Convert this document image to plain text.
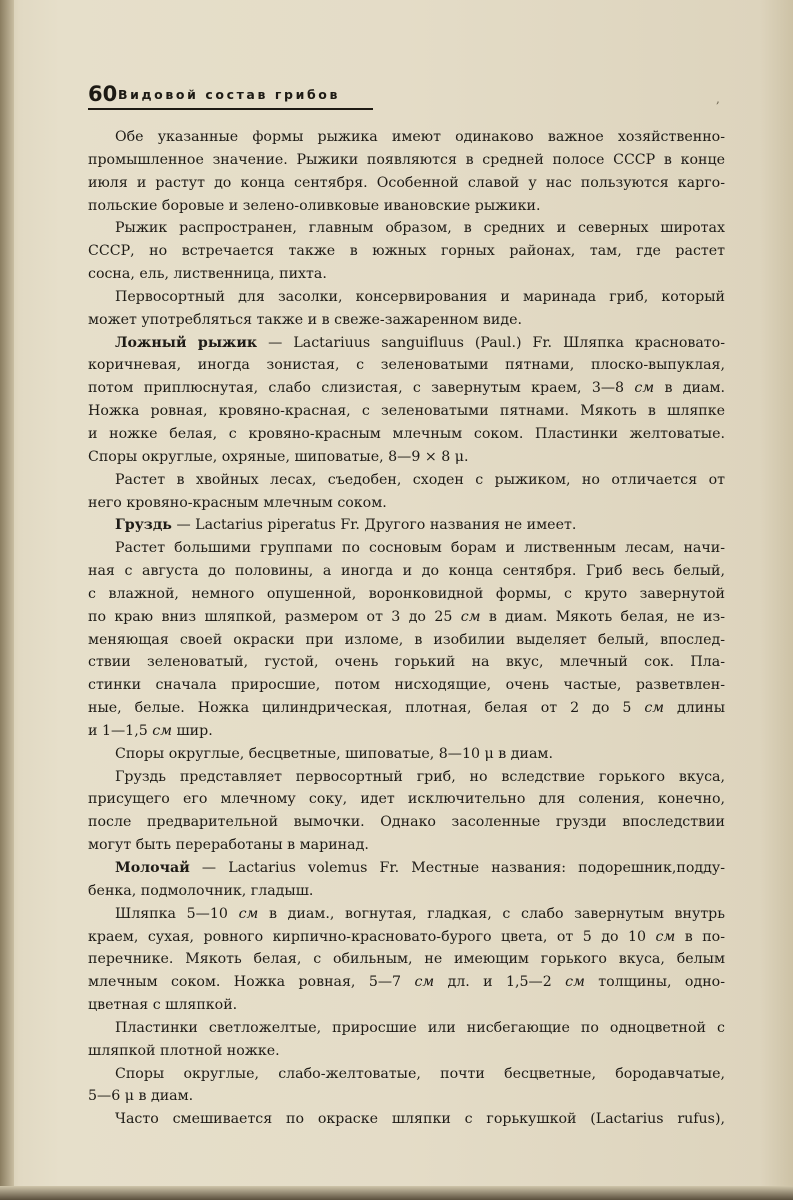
60 Видовой состав грибов	,
Обе указанные формы рыжика имеют одинаково важное хозяйственно-
промышленное значение. Рыжики появляются в средней полосе СССР в конце
июля и растут до конца сентября. Особенной славой у нас пользуются карго-
польские боровые и зелено-оливковые ивановские рыжики.
Рыжик распространен, главным образом, в средних и северных широтах
СССР, но встречается также в южных горных районах, там, где растет
сосна, ель, лиственница, пихта.
Первосортный для засолки, консервирования и маринада гриб, который
может употребляться также и в свеже-зажаренном виде.
Ложный рыжик — Lactariuus sanguifluus (Paul.) Fr. Шляпка красновато-
коричневая, иногда зонистая, с зеленоватыми пятнами, плоско-выпуклая,
потом приплюснутая, слабо слизистая, с завернутым краем, 3—8 см в диам.
Ножка ровная, кровяно-красная, с зеленоватыми пятнами. Мякоть в шляпке
и ножке белая, с кровяно-красным млечным соком. Пластинки желтоватые.
Споры округлые, охряные, шиповатые, 8—9 × 8 μ.
Растет в хвойных лесах, съедобен, сходен с рыжиком, но отличается от
него кровяно-красным млечным соком.
Груздь — Lactarius piperatus Fr. Другого названия не имеет.
Растет большими группами по сосновым борам и лиственным лесам, начи-
ная с августа до половины, а иногда и до конца сентября. Гриб весь белый,
с влажной, немного опушенной, воронковидной формы, с круто завернутой
по краю вниз шляпкой, размером от 3 до 25 см в диам. Мякоть белая, не из-
меняющая своей окраски при изломе, в изобилии выделяет белый, впослед-
ствии зеленоватый, густой, очень горький на вкус, млечный сок. Пла-
стинки сначала приросшие, потом нисходящие, очень частые, разветвлен-
ные, белые. Ножка цилиндрическая, плотная, белая от 2 до 5 см длины
и 1—1,5 см шир.
Споры округлые, бесцветные, шиповатые, 8—10 μ в диам.
Груздь представляет первосортный гриб, но вследствие горького вкуса,
присущего его млечному соку, идет исключительно для соления, конечно,
после предварительной вымочки. Однако засоленные грузди впоследствии
могут быть переработаны в маринад.
Молочай — Lactarius volemus Fr. Местные названия: подорешник,подду-
бенка, подмолочник, гладыш.
Шляпка 5—10 см в диам., вогнутая, гладкая, с слабо завернутым внутрь
краем, сухая, ровного кирпично-красновато-бурого цвета, от 5 до 10 см в по-
перечнике. Мякоть белая, с обильным, не имеющим горького вкуса, белым
млечным соком. Ножка ровная, 5—7 см дл. и 1,5—2 см толщины, одно-
цветная с шляпкой.
Пластинки светложелтые, приросшие или нисбегающие по одноцветной с
шляпкой плотной ножке.
Споры округлые, слабо-желтоватые, почти бесцветные, бородавчатые,
5—6 μ в диам.
Часто смешивается по окраске шляпки с горькушкой (Lactarius rufus),
